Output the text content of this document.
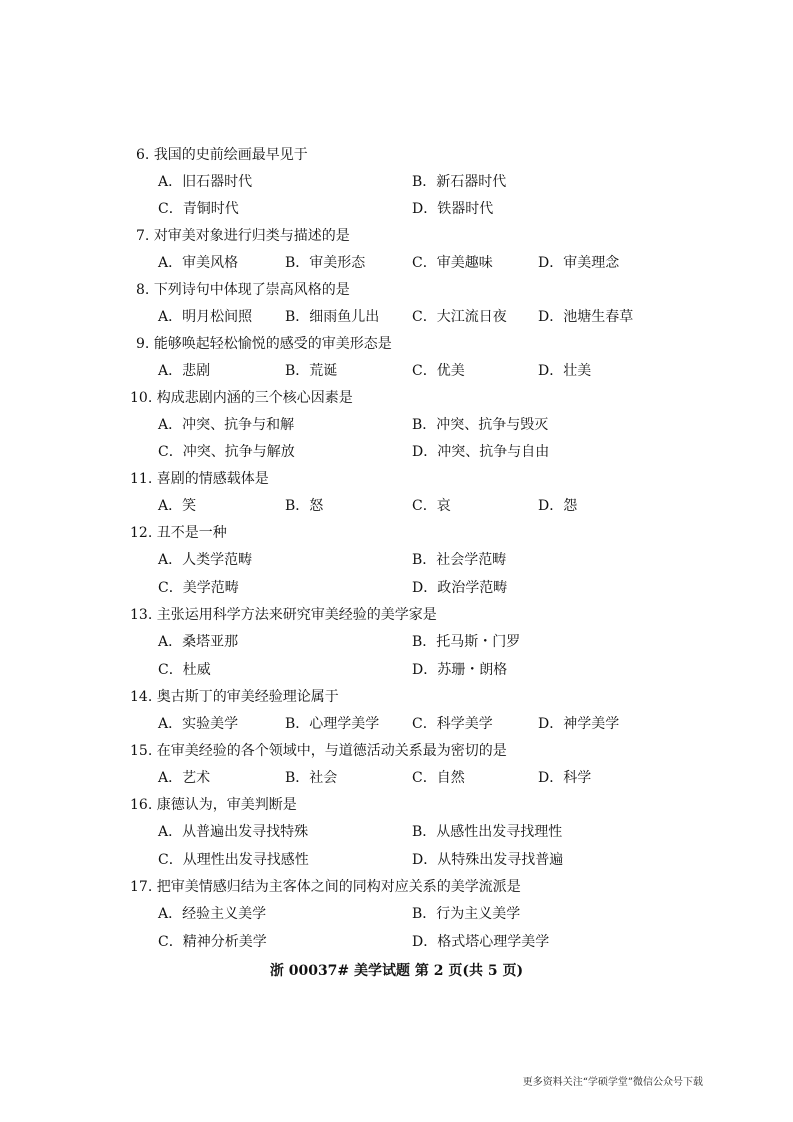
6. 我国的史前绘画最早见于
A．旧石器时代	B．新石器时代
C．青铜时代	D．铁器时代
7. 对审美对象进行归类与描述的是
A．审美风格	B．审美形态	C．审美趣味	D．审美理念
8. 下列诗句中体现了崇高风格的是
A．明月松间照 B．细雨鱼儿出 C．大江流日夜 D．池塘生春草
9. 能够唤起轻松愉悦的感受的审美形态是
A．悲剧	B．荒诞	C．优美	D．壮美
10. 构成悲剧内涵的三个核心因素是
A．冲突、抗争与和解	B．冲突、抗争与毁灭
C．冲突、抗争与解放	D．冲突、抗争与自由
11. 喜剧的情感载体是
A．笑	B．怒	C．哀	D．怨
12. 丑不是一种
A．人类学范畴	B．社会学范畴
C．美学范畴	D．政治学范畴
13. 主张运用科学方法来研究审美经验的美学家是
A．桑塔亚那	B．托马斯・门罗
C．杜威	D．苏珊・朗格
14. 奥古斯丁的审美经验理论属于
A．实验美学	B．心理学美学 C．科学美学	D．神学美学
15. 在审美经验的各个领域中，与道德活动关系最为密切的是
A．艺术	B．社会	C．自然	D．科学
16. 康德认为，审美判断是
A．从普遍出发寻找特殊	B．从感性出发寻找理性
C．从理性出发寻找感性	D．从特殊出发寻找普遍
17. 把审美情感归结为主客体之间的同构对应关系的美学流派是
A．经验主义美学	B．行为主义美学
C．精神分析美学	D．格式塔心理学美学
浙 00037# 美学试题 第 2 页(共 5 页)
更多资料关注“学硕学堂”微信公众号下载
